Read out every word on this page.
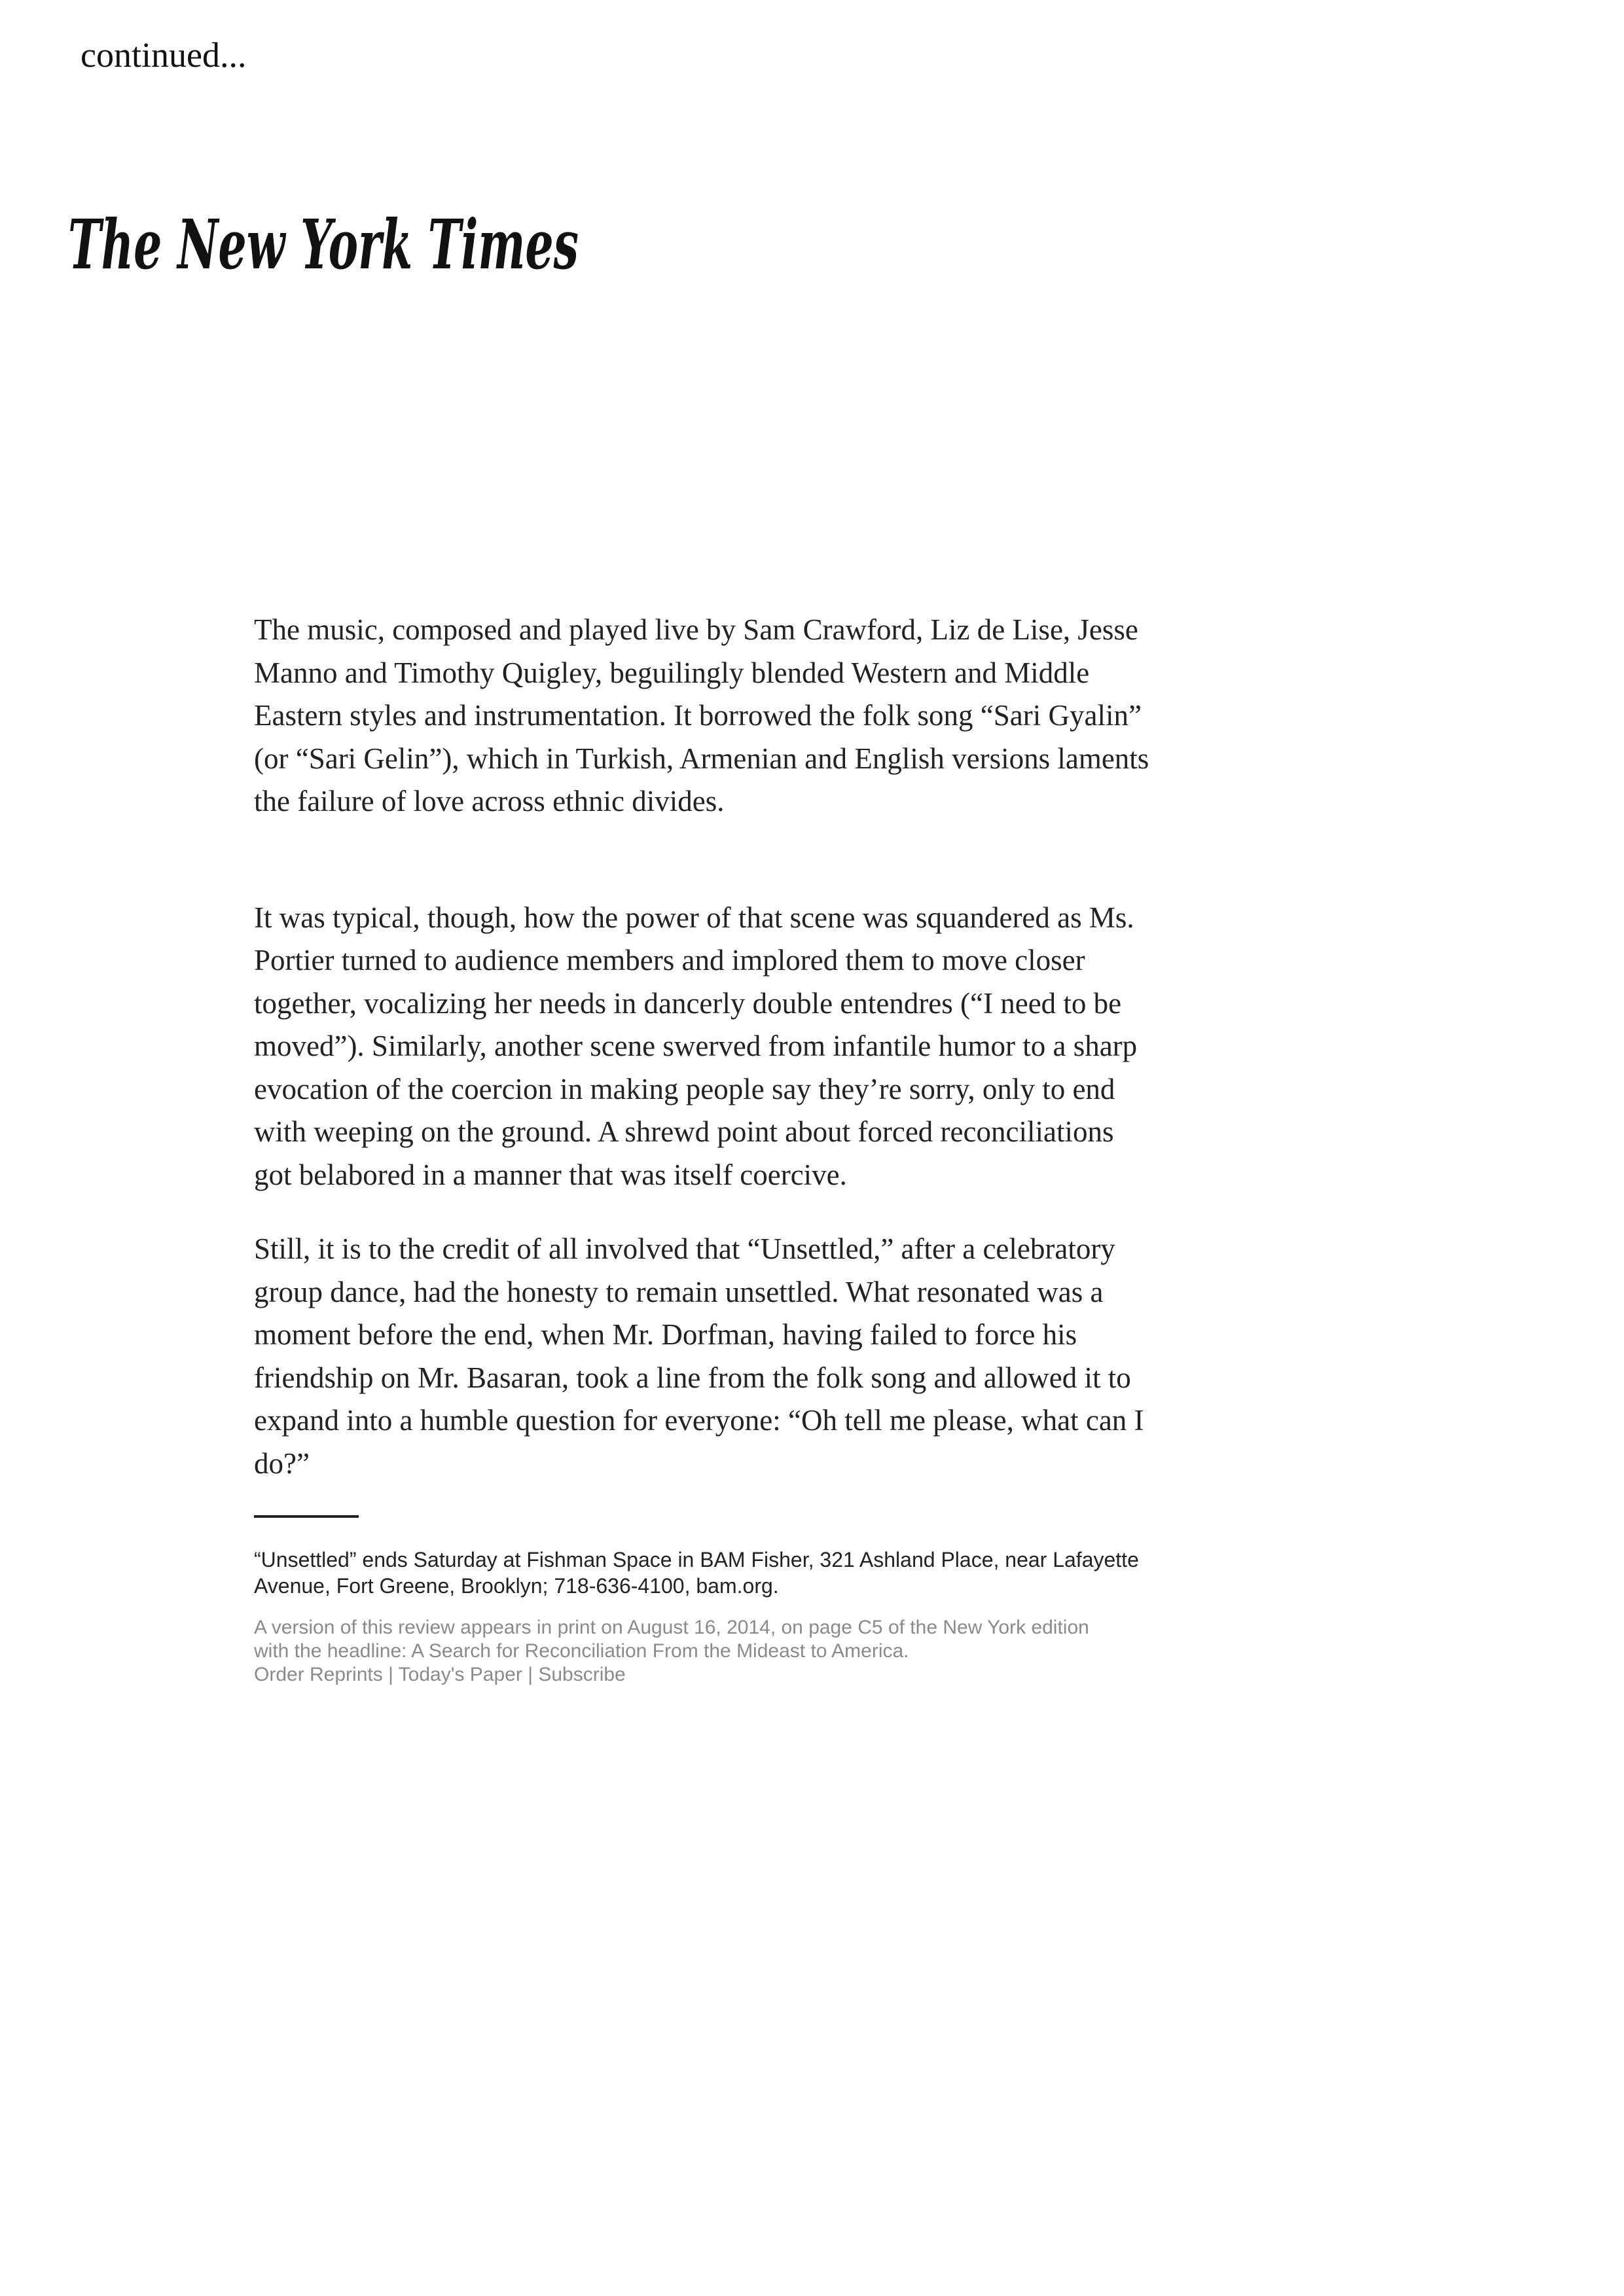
continued...
The New York Times

The music, composed and played live by Sam Crawford, Liz de Lise, Jesse
Manno and Timothy Quigley, beguilingly blended Western and Middle
Eastern styles and instrumentation. It borrowed the folk song “Sari Gyalin”
(or “Sari Gelin”), which in Turkish, Armenian and English versions laments
the failure of love across ethnic divides.

It was typical, though, how the power of that scene was squandered as Ms.
Portier turned to audience members and implored them to move closer
together, vocalizing her needs in dancerly double entendres (“I need to be
moved”). Similarly, another scene swerved from infantile humor to a sharp
evocation of the coercion in making people say they’re sorry, only to end
with weeping on the ground. A shrewd point about forced reconciliations
got belabored in a manner that was itself coercive.

Still, it is to the credit of all involved that “Unsettled,” after a celebratory
group dance, had the honesty to remain unsettled. What resonated was a
moment before the end, when Mr. Dorfman, having failed to force his
friendship on Mr. Basaran, took a line from the folk song and allowed it to
expand into a humble question for everyone: “Oh tell me please, what can I
do?”

“Unsettled” ends Saturday at Fishman Space in BAM Fisher, 321 Ashland Place, near Lafayette
Avenue, Fort Greene, Brooklyn; 718-636-4100, bam.org.
A version of this review appears in print on August 16, 2014, on page C5 of the New York edition
with the headline: A Search for Reconciliation From the Mideast to America.
Order Reprints | Today's Paper | Subscribe
